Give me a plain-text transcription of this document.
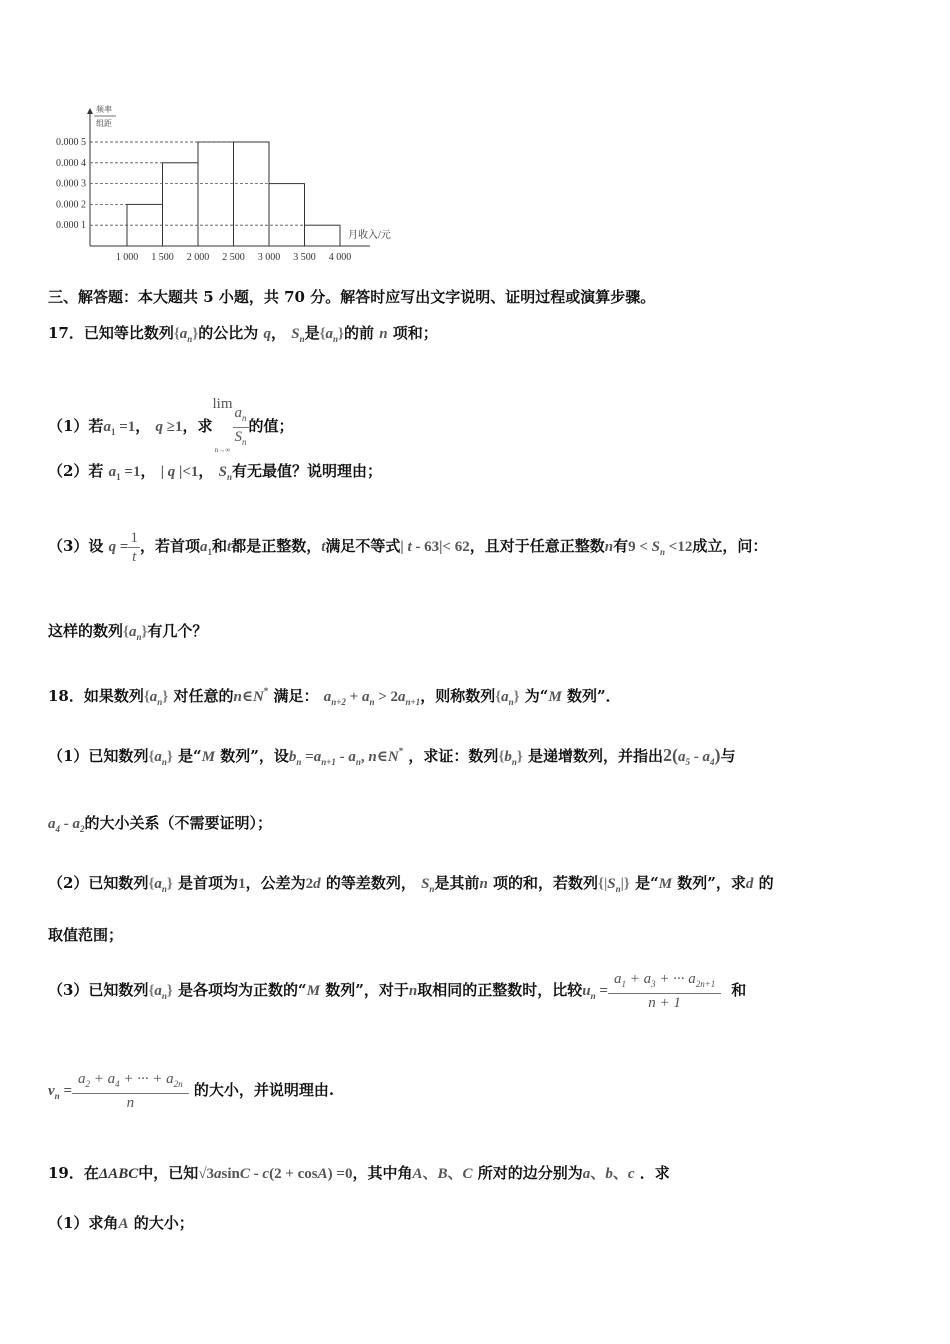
频率
组距
0.000 1
0.000 2
0.000 3
0.000 4
0.000 5
1 000 1 500 2 000 2 500 3 000 3 500 4 000
月收入/元
三、解答题：本大题共 5 小题，共 70 分。解答时应写出文字说明、证明过程或演算步骤。
17．已知等比数列$\{a_n\}$的公比为 q， $S_n$是$\{a_n\}$的前 n 项和；
（1）若$a_1 =1$， q ≥1，求lim
$n\to\infty \frac{a_n}{S_n}$ 的值；
（2）若 $a_1 =1$， | q |<1， $S_n$有无最值？说明理由；
（3）设 $q = \frac{1}{t}$ ，若首项$a_1$和t都是正整数，t满足不等式| t - 63|< 62，且对于任意正整数n有$9 < S_n <12$成立，问：
这样的数列$\{a_n\}$有几个？
18．如果数列$\{a_n\}$ 对任意的n∈N* 满足： $a_{n+2} + a_n > 2a_{n+1}$，则称数列$\{a_n\}$ 为“M 数列”．
（1）已知数列$\{a_n\}$ 是“M 数列”，设$b_n =a_{n+1} - a_n$, n∈N* ，求证：数列$\{b_n\}$ 是递增数列，并指出$2(a_5 - a_4)$与
$a_4 - a_2$的大小关系（不需要证明）；
（2）已知数列$\{a_n\}$ 是首项为1，公差为2d 的等差数列， $S_n$是其前n 项的和，若数列$\{|S_n|\}$ 是“M 数列”，求d 的
取值范围；
（3）已知数列$\{a_n\}$ 是各项均为正数的“M 数列”，对于n取相同的正整数时，比较$u_n = \frac{a_1 + a_3 + \cdot\cdot\cdot a_{2n+1}}{n + 1}$ 和
$v_n = \frac{a_2 + a_4 + \cdot\cdot\cdot + a_{2n}}{n}$ 的大小，并说明理由.
19．在ΔABC中，已知√3asinC - c(2 + cosA) =0，其中角A、B、C 所对的边分别为a、b、c ．求
（1）求角A 的大小；
